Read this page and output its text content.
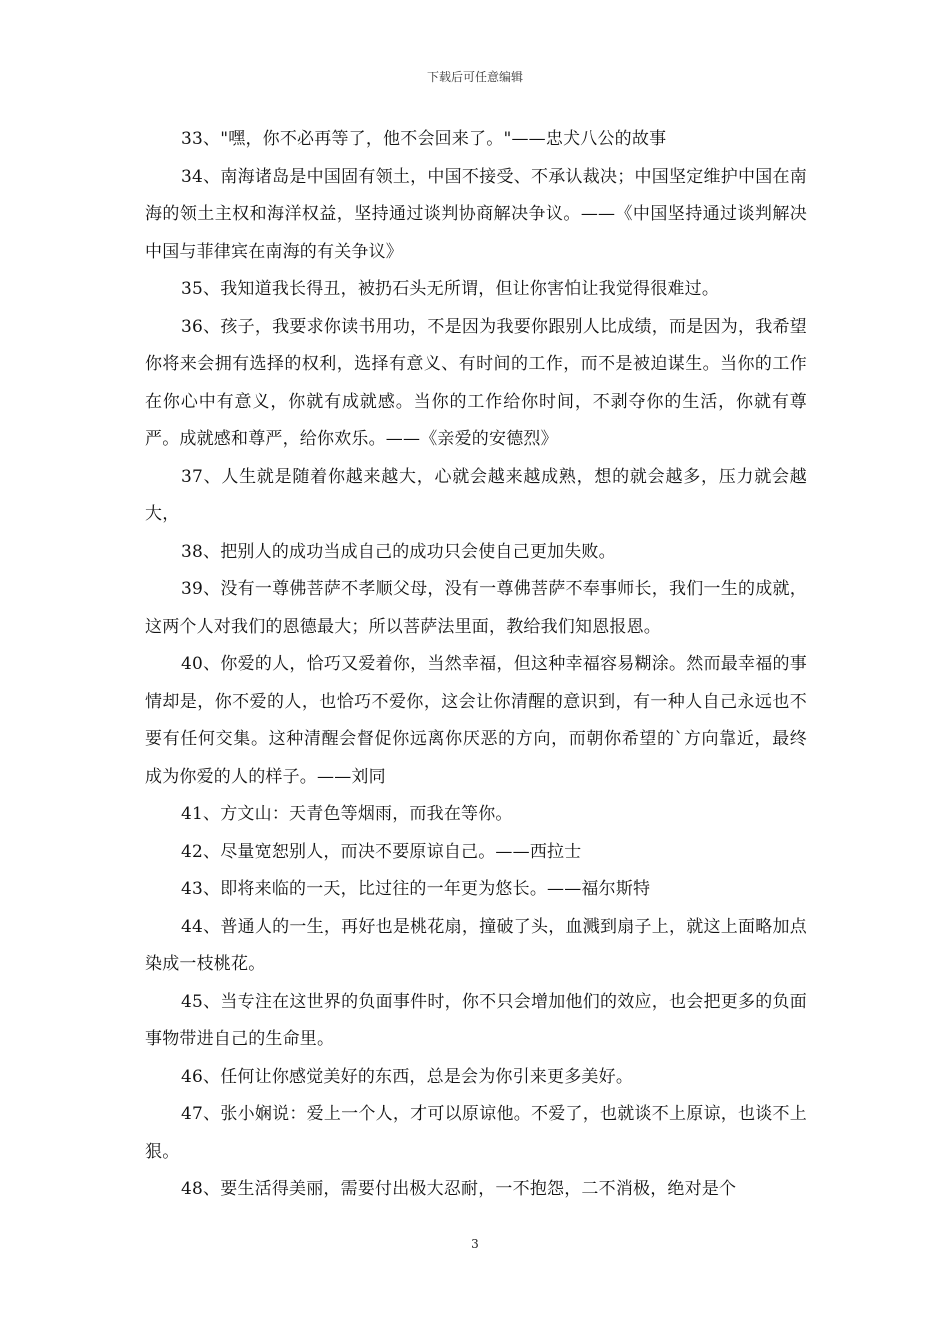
下载后可任意编辑

33、"嘿，你不必再等了，他不会回来了。"——忠犬八公的故事

34、南海诸岛是中国固有领土，中国不接受、不承认裁决；中国坚定维护中国在南海的领土主权和海洋权益，坚持通过谈判协商解决争议。——《中国坚持通过谈判解决中国与菲律宾在南海的有关争议》

35、我知道我长得丑，被扔石头无所谓，但让你害怕让我觉得很难过。

36、孩子，我要求你读书用功，不是因为我要你跟别人比成绩，而是因为，我希望你将来会拥有选择的权利，选择有意义、有时间的工作，而不是被迫谋生。当你的工作在你心中有意义，你就有成就感。当你的工作给你时间，不剥夺你的生活，你就有尊严。成就感和尊严，给你欢乐。——《亲爱的安德烈》

37、人生就是随着你越来越大，心就会越来越成熟，想的就会越多，压力就会越大，

38、把别人的成功当成自己的成功只会使自己更加失败。

39、没有一尊佛菩萨不孝顺父母，没有一尊佛菩萨不奉事师长，我们一生的成就，这两个人对我们的恩德最大；所以菩萨法里面，教给我们知恩报恩。

40、你爱的人，恰巧又爱着你，当然幸福，但这种幸福容易糊涂。然而最幸福的事情却是，你不爱的人，也恰巧不爱你，这会让你清醒的意识到，有一种人自己永远也不要有任何交集。这种清醒会督促你远离你厌恶的方向，而朝你希望的`方向靠近，最终成为你爱的人的样子。——刘同

41、方文山：天青色等烟雨，而我在等你。

42、尽量宽恕别人，而决不要原谅自己。——西拉士

43、即将来临的一天，比过往的一年更为悠长。——福尔斯特

44、普通人的一生，再好也是桃花扇，撞破了头，血溅到扇子上，就这上面略加点染成一枝桃花。

45、当专注在这世界的负面事件时，你不只会增加他们的效应，也会把更多的负面事物带进自己的生命里。

46、任何让你感觉美好的东西，总是会为你引来更多美好。

47、张小娴说：爱上一个人，才可以原谅他。不爱了，也就谈不上原谅，也谈不上狠。

48、要生活得美丽，需要付出极大忍耐，一不抱怨，二不消极，绝对是个

3
